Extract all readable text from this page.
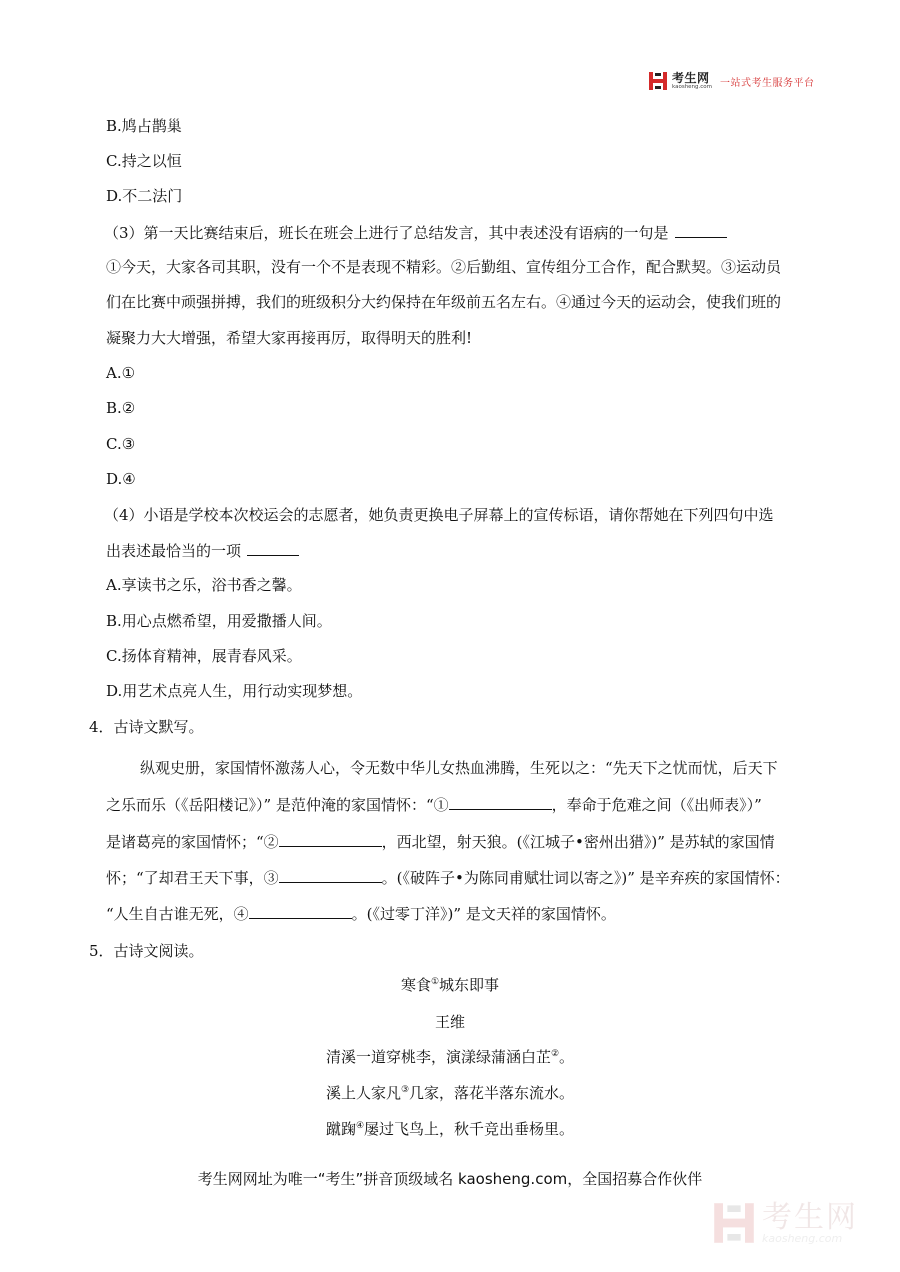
考生网
kaosheng.com 一站式考生服务平台
B.鸠占鹊巢
C.持之以恒
D.不二法门
（3）第一天比赛结束后，班长在班会上进行了总结发言，其中表述没有语病的一句是
①今天，大家各司其职，没有一个不是表现不精彩。②后勤组、宣传组分工合作，配合默契。③运动员
们在比赛中顽强拼搏，我们的班级积分大约保持在年级前五名左右。④通过今天的运动会，使我们班的
凝聚力大大增强，希望大家再接再厉，取得明天的胜利!
A.①
B.②
C.③
D.④
（4）小语是学校本次校运会的志愿者，她负责更换电子屏幕上的宣传标语，请你帮她在下列四句中选
出表述最恰当的一项
A.享读书之乐，浴书香之馨。
B.用心点燃希望，用爱撒播人间。
C.扬体育精神，展青春风采。
D.用艺术点亮人生，用行动实现梦想。
4．古诗文默写。
纵观史册，家国情怀激荡人心，令无数中华儿女热血沸腾，生死以之：“先天下之忧而忧，后天下
之乐而乐（《岳阳楼记》）” 是范仲淹的家国情怀：“①	，奉命于危难之间（《出师表》）”
是诸葛亮的家国情怀；“②	，西北望，射天狼。(《江城子•密州出猎》)” 是苏轼的家国情
怀；“了却君王天下事，③	。(《破阵子•为陈同甫赋壮词以寄之》)” 是辛弃疾的家国情怀：
“人生自古谁无死，④	。(《过零丁洋》)” 是文天祥的家国情怀。
5．古诗文阅读。
寒食①城东即事
王维
清溪一道穿桃李，演漾绿蒲涵白芷②。
溪上人家凡③几家，落花半落东流水。
蹴踘④屡过飞鸟上，秋千竞出垂杨里。
考生网网址为唯一“考生”拼音顶级域名 kaosheng.com，全国招募合作伙伴
考生网
kaosheng.com
